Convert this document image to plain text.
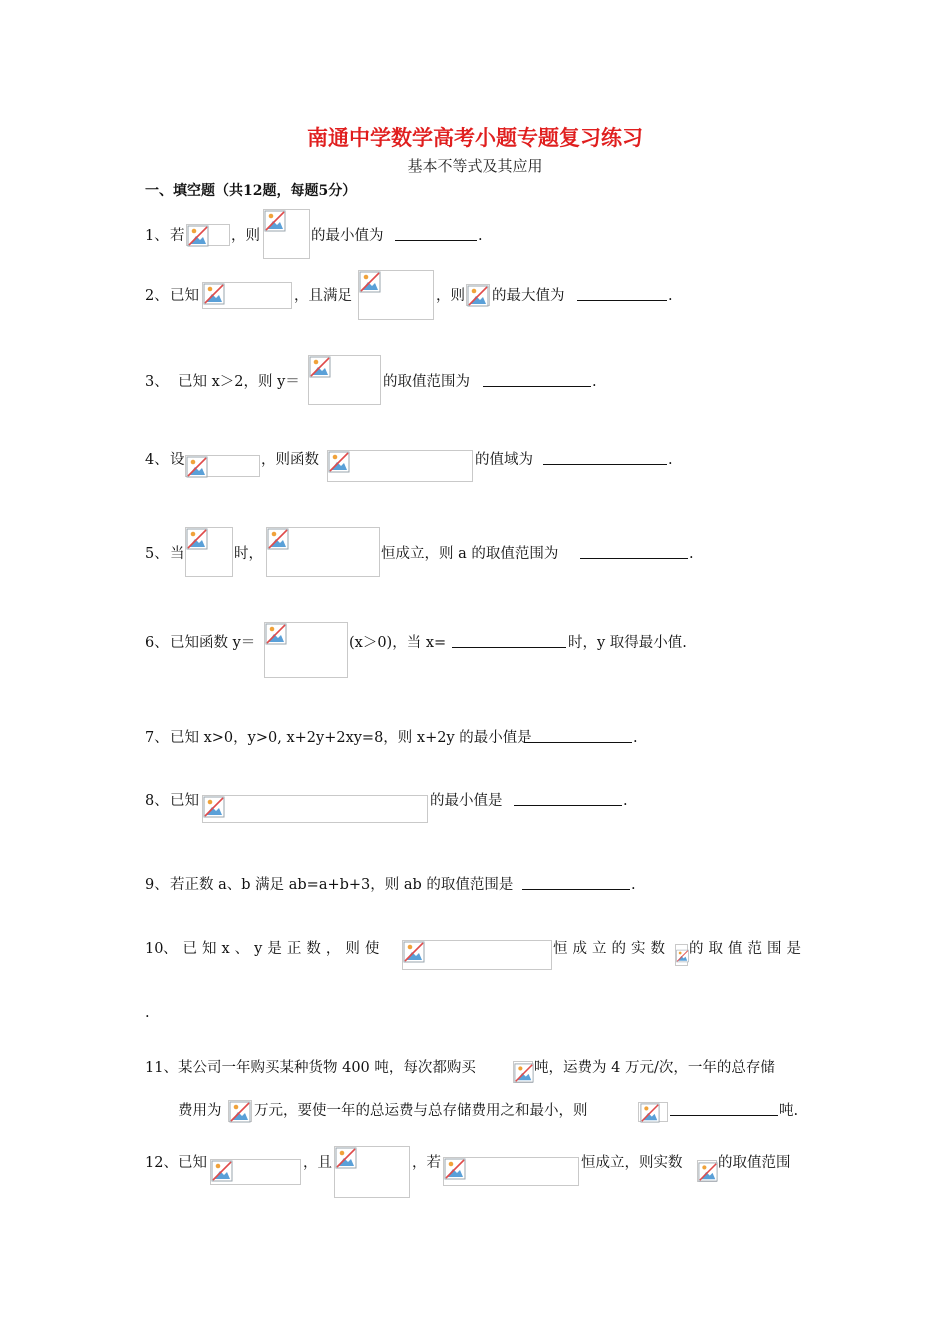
南通中学数学高考小题专题复习练习
基本不等式及其应用
一、填空题（共12题，每题5分）
1、 若	，则	的最小值为	.
2、 已知	，且满足	，则 的最大值为	.
3、 已知 x＞2，则 y＝	的取值范围为	.
4、 设	，则函数	的值域为	.
5、 当	时，	恒成立，则 a 的取值范围为	.
6、 已知函数 y＝	(x＞0)，当 x=	时，y 取得最小值.
7、 已知 x>0，y>0, x+2y+2xy=8，则 x+2y 的最小值是	.
8、 已知	的最小值是	.
9、 若正数 a、b 满足 ab=a+b+3，则 ab 的取值范围是	.
10 、已知x、y是正数，则使	恒成立的实数 的取值范围是
.
11、 某公司一年购买某种货物 400 吨，每次都购买	吨，运费为 4 万元/次，一年的总存储
费用为 万元，要使一年的总运费与总存储费用之和最小，则	吨.
12、 已知	，且	，若	恒成立，则实数 的取值范围
